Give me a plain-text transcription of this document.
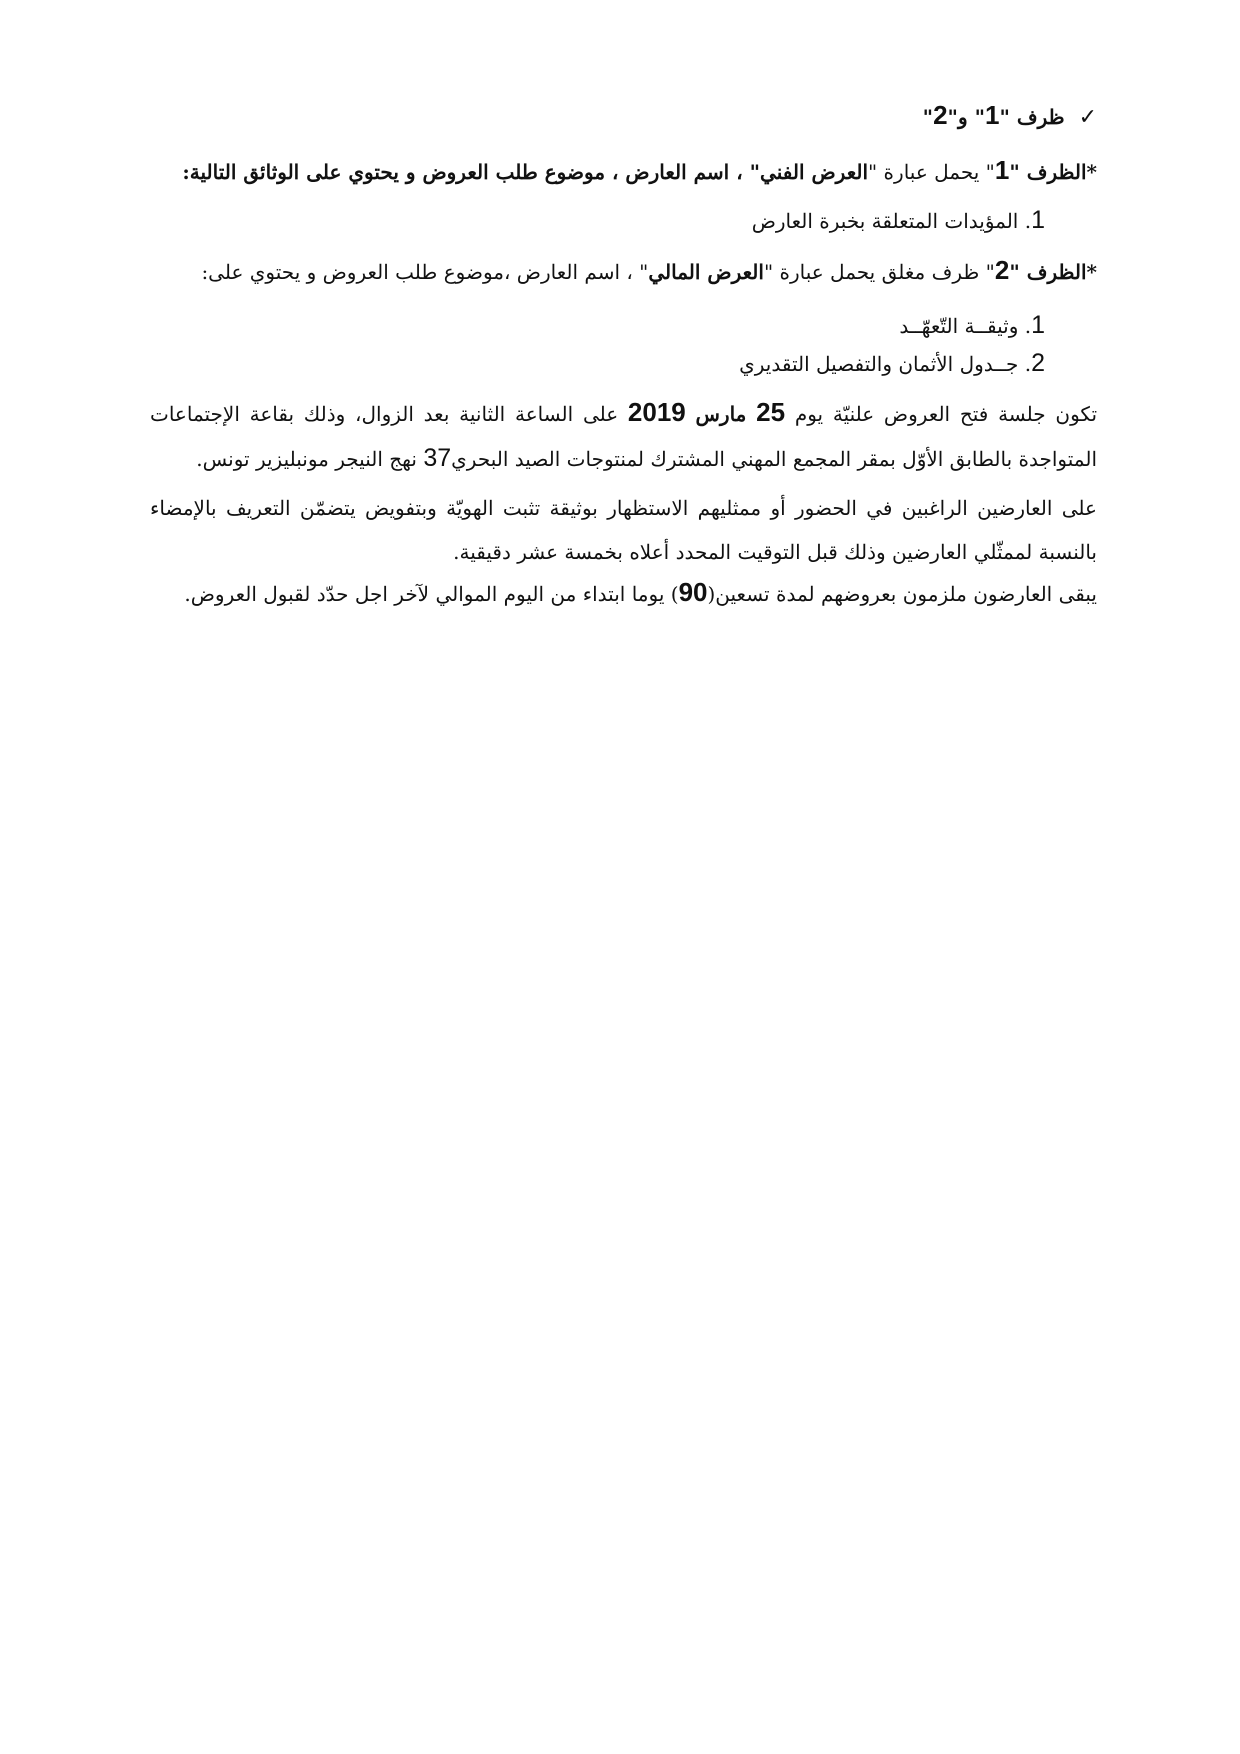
✓ظرف "1" و"2"
*الظرف "1" يحمل عبارة "العرض الفني" ، اسم العارض ، موضوع طلب العروض و يحتوي على الوثائق التالية:
1. المؤيدات المتعلقة بخبرة العارض
*الظرف "2" ظرف مغلق يحمل عبارة "العرض المالي" ، اسم العارض ،موضوع طلب العروض و يحتوي على:
1. وثيقــة التّعهّــد
2. جــدول الأثمان والتفصيل التقديري
تكون جلسة فتح العروض علنيّة يوم 25 مارس 2019 على الساعة الثانية بعد الزوال، وذلك بقاعة الإجتماعات المتواجدة بالطابق الأوّل بمقر المجمع المهني المشترك لمنتوجات الصيد البحري37 نهج النيجر مونبليزير تونس.
على العارضين الراغبين في الحضور أو ممثليهم الاستظهار بوثيقة تثبت الهويّة وبتفويض يتضمّن التعريف بالإمضاء بالنسبة لممثّلي العارضين وذلك قبل التوقيت المحدد أعلاه بخمسة عشر دقيقية.
يبقى العارضون ملزمون بعروضهم لمدة تسعين(90) يوما ابتداء من اليوم الموالي لآخر اجل حدّد لقبول العروض.
